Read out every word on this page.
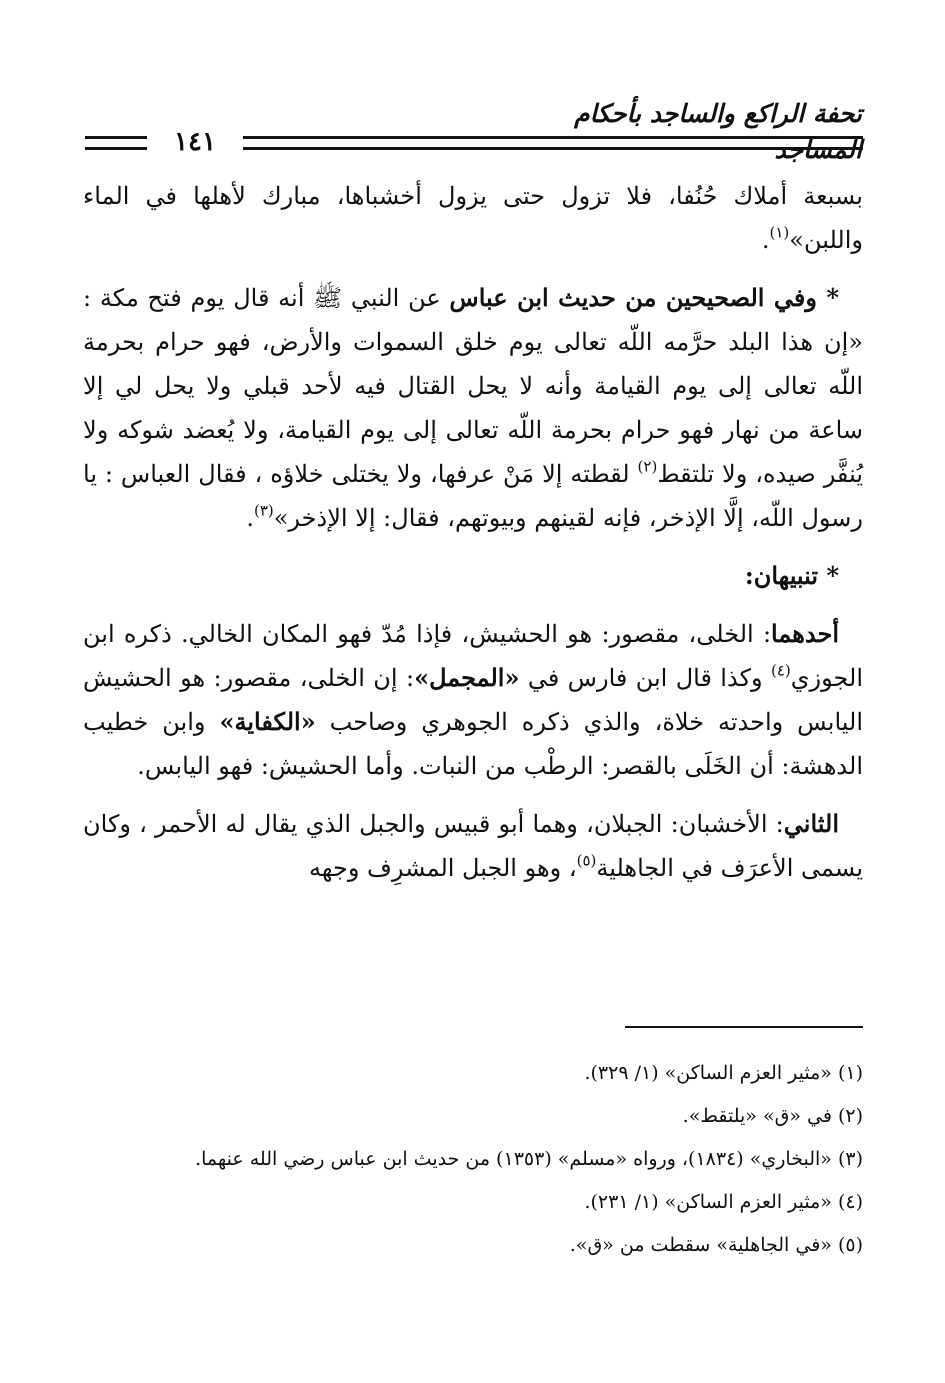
تحفة الراكع والساجد بأحكام المساجد
١٤١

بسبعة أملاك حُنُفا، فلا تزول حتى يزول أخشباها، مبارك لأهلها في الماء واللبن»$^{(١)}$.

* وفي الصحيحين من حديث ابن عباس عن النبي ﷺ أنه قال يوم فتح مكة : «إن هذا البلد حرَّمه اللّه تعالى يوم خلق السموات والأرض، فهو حرام بحرمة اللّه تعالى إلى يوم القيامة وأنه لا يحل القتال فيه لأحد قبلي ولا يحل لي إلا ساعة من نهار فهو حرام بحرمة اللّه تعالى إلى يوم القيامة، ولا يُعضد شوكه ولا يُنفَّر صيده، ولا تلتقط$^{(٢)}$ لقطته إلا مَنْ عرفها، ولا يختلى خلاؤه ، فقال العباس : يا رسول اللّه، إلَّا الإذخر، فإنه لقينهم وبيوتهم، فقال: إلا الإذخر»$^{(٣)}$.

* تنبيهان:

أحدهما: الخلى، مقصور: هو الحشيش، فإذا مُدّ فهو المكان الخالي. ذكره ابن الجوزي$^{(٤)}$ وكذا قال ابن فارس في «المجمل»: إن الخلى، مقصور: هو الحشيش اليابس واحدته خلاة، والذي ذكره الجوهري وصاحب «الكفاية» وابن خطيب الدهشة: أن الخَلَى بالقصر: الرطْب من النبات. وأما الحشيش: فهو اليابس.

الثاني: الأخشبان: الجبلان، وهما أبو قبيس والجبل الذي يقال له الأحمر ، وكان يسمى الأعرَف في الجاهلية$^{(٥)}$، وهو الجبل المشرِف وجهه

(١) «مثير العزم الساكن» (١/ ٣٢٩).

(٢) في «ق» «يلتقط».

(٣) «البخاري» (١٨٣٤)، ورواه «مسلم» (١٣٥٣) من حديث ابن عباس رضي الله عنهما.

(٤) «مثير العزم الساكن» (١/ ٢٣١).

(٥) «في الجاهلية» سقطت من «ق».
